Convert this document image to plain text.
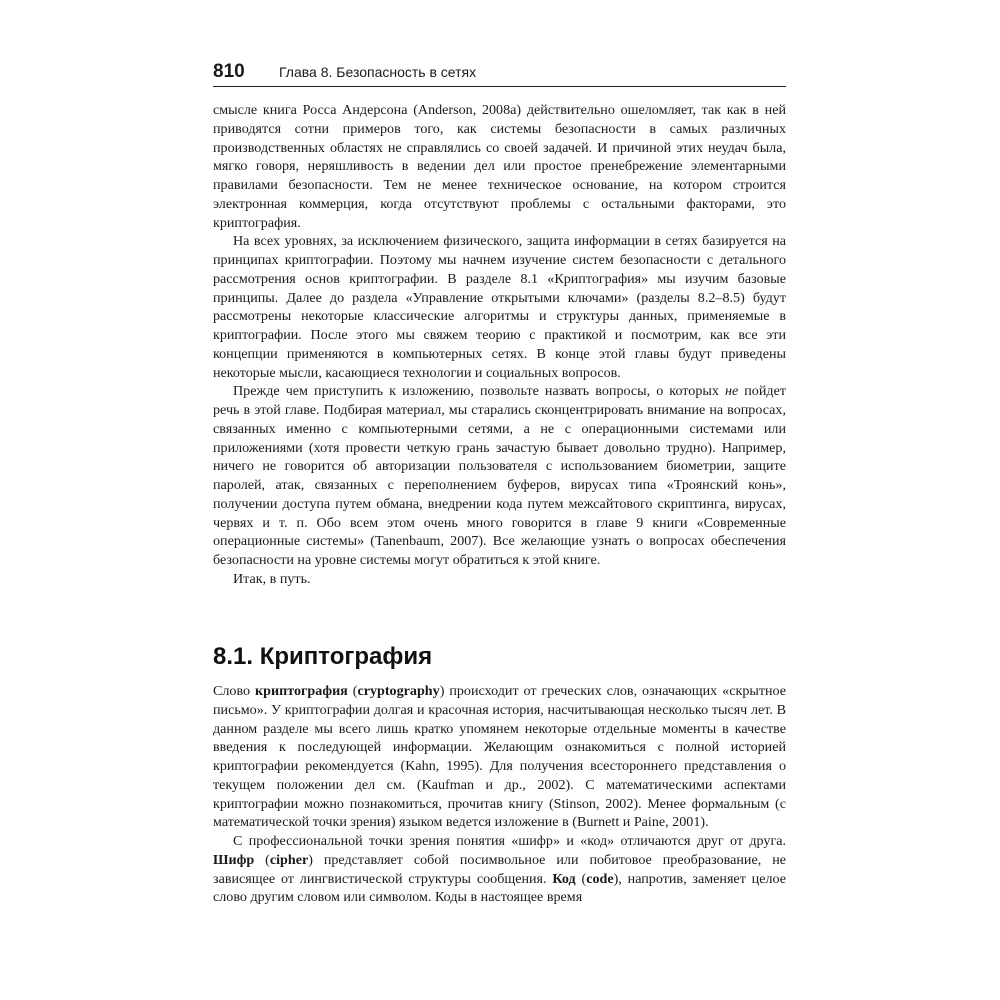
810 Глава 8. Безопасность в сетях

смысле книга Росса Андерсона (Anderson, 2008a) действительно ошеломляет, так как в ней приводятся сотни примеров того, как системы безопасности в самых различных производственных областях не справлялись со своей задачей. И причиной этих неудач была, мягко говоря, неряшливость в ведении дел или простое пренебрежение элементарными правилами безопасности. Тем не менее техническое основание, на котором строится электронная коммерция, когда отсутствуют проблемы с остальными факторами, это криптография.

На всех уровнях, за исключением физического, защита информации в сетях базируется на принципах криптографии. Поэтому мы начнем изучение систем безопасности с детального рассмотрения основ криптографии. В разделе 8.1 «Криптография» мы изучим базовые принципы. Далее до раздела «Управление открытыми ключами» (разделы 8.2–8.5) будут рассмотрены некоторые классические алгоритмы и структуры данных, применяемые в криптографии. После этого мы свяжем теорию с практикой и посмотрим, как все эти концепции применяются в компьютерных сетях. В конце этой главы будут приведены некоторые мысли, касающиеся технологии и социальных вопросов.

Прежде чем приступить к изложению, позвольте назвать вопросы, о которых не пойдет речь в этой главе. Подбирая материал, мы старались сконцентрировать внимание на вопросах, связанных именно с компьютерными сетями, а не с операционными системами или приложениями (хотя провести четкую грань зачастую бывает довольно трудно). Например, ничего не говорится об авторизации пользователя с использованием биометрии, защите паролей, атак, связанных с переполнением буферов, вирусах типа «Троянский конь», получении доступа путем обмана, внедрении кода путем межсайтового скриптинга, вирусах, червях и т. п. Обо всем этом очень много говорится в главе 9 книги «Современные операционные системы» (Tanenbaum, 2007). Все желающие узнать о вопросах обеспечения безопасности на уровне системы могут обратиться к этой книге.

Итак, в путь.

8.1. Криптография

Слово криптография (cryptography) происходит от греческих слов, означающих «скрытное письмо». У криптографии долгая и красочная история, насчитывающая несколько тысяч лет. В данном разделе мы всего лишь кратко упомянем некоторые отдельные моменты в качестве введения к последующей информации. Желающим ознакомиться с полной историей криптографии рекомендуется (Kahn, 1995). Для получения всестороннего представления о текущем положении дел см. (Kaufman и др., 2002). С математическими аспектами криптографии можно познакомиться, прочитав книгу (Stinson, 2002). Менее формальным (с математической точки зрения) языком ведется изложение в (Burnett и Paine, 2001).

С профессиональной точки зрения понятия «шифр» и «код» отличаются друг от друга. Шифр (cipher) представляет собой посимвольное или побитовое преобразование, не зависящее от лингвистической структуры сообщения. Код (code), напротив, заменяет целое слово другим словом или символом. Коды в настоящее время
